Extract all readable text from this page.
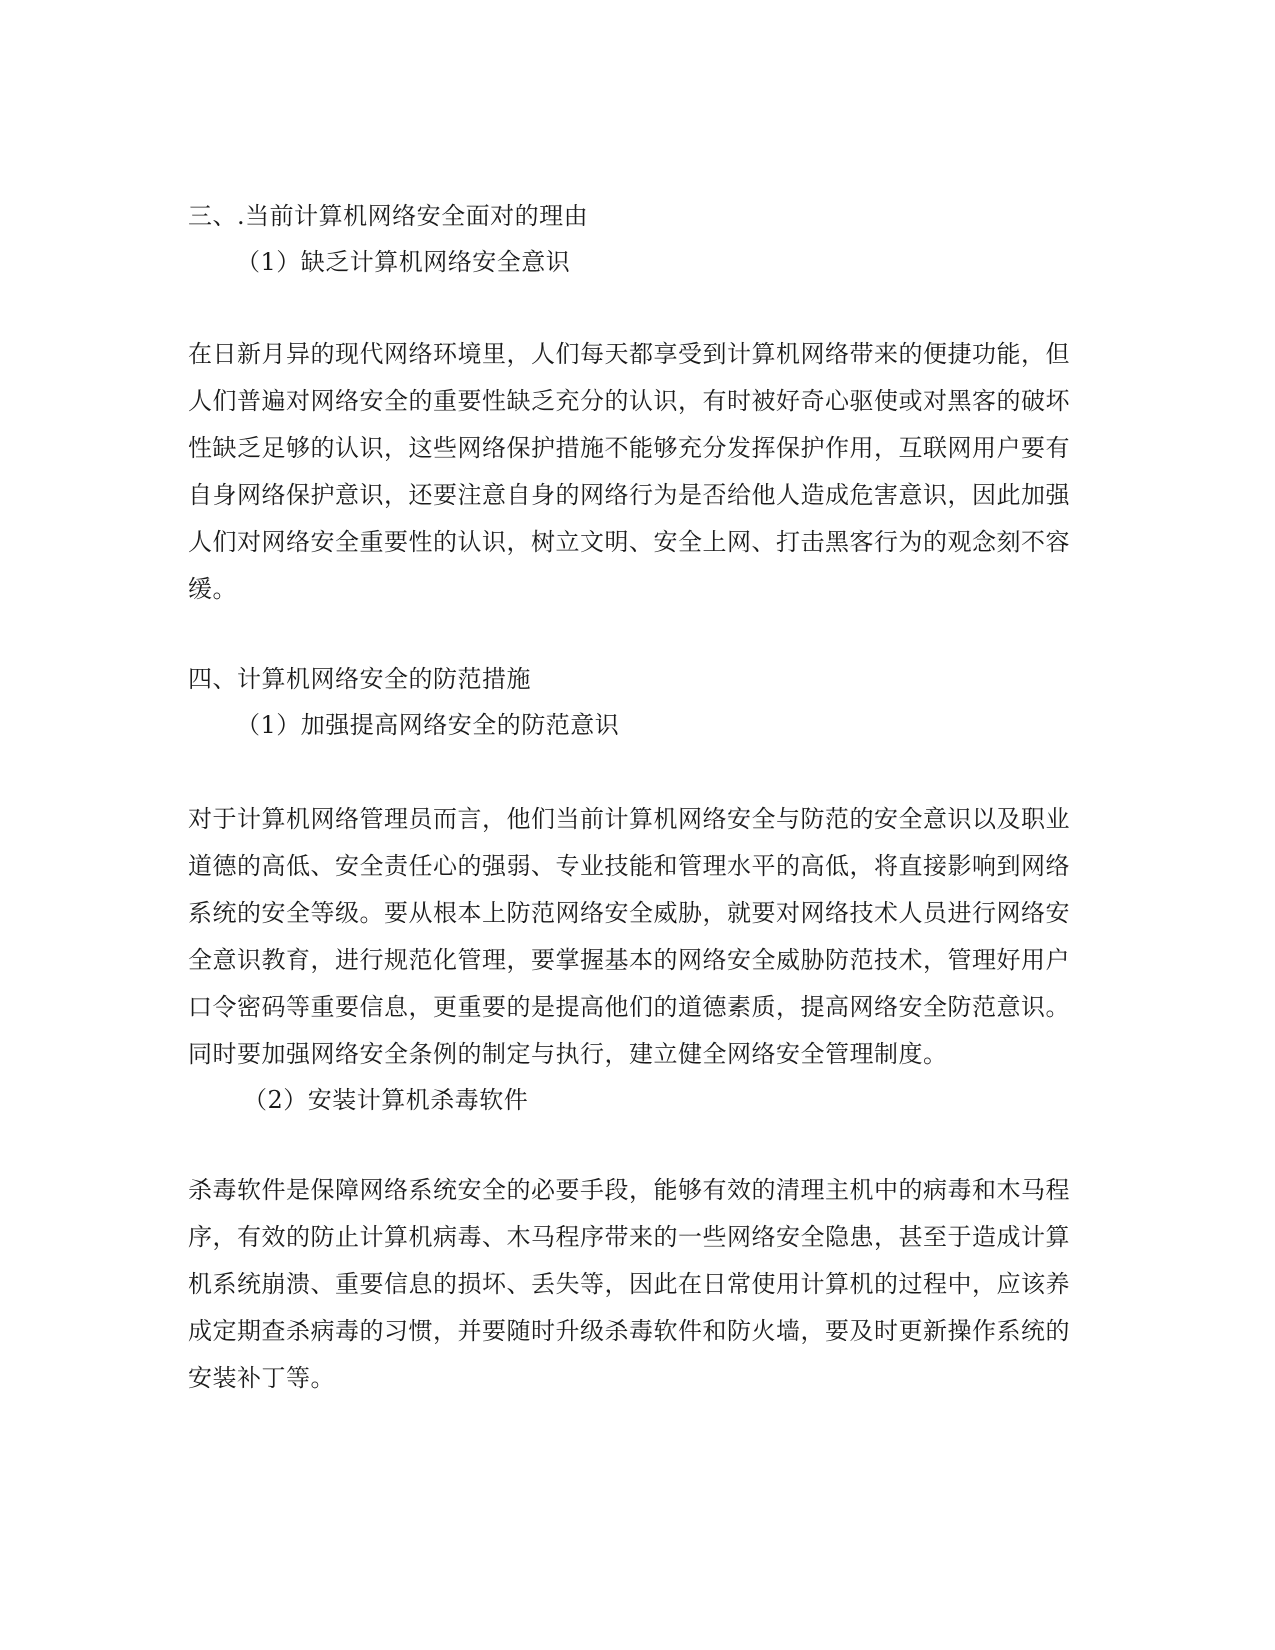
三、.当前计算机网络安全面对的理由
（1）缺乏计算机网络安全意识
在日新月异的现代网络环境里，人们每天都享受到计算机网络带来的便捷功能，但
人们普遍对网络安全的重要性缺乏充分的认识，有时被好奇心驱使或对黑客的破坏
性缺乏足够的认识，这些网络保护措施不能够充分发挥保护作用，互联网用户要有
自身网络保护意识，还要注意自身的网络行为是否给他人造成危害意识，因此加强
人们对网络安全重要性的认识，树立文明、安全上网、打击黑客行为的观念刻不容
缓。
四、计算机网络安全的防范措施
（1）加强提高网络安全的防范意识
对于计算机网络管理员而言，他们当前计算机网络安全与防范的安全意识以及职业
道德的高低、安全责任心的强弱、专业技能和管理水平的高低，将直接影响到网络
系统的安全等级。要从根本上防范网络安全威胁，就要对网络技术人员进行网络安
全意识教育，进行规范化管理，要掌握基本的网络安全威胁防范技术，管理好用户
口令密码等重要信息，更重要的是提高他们的道德素质，提高网络安全防范意识。
同时要加强网络安全条例的制定与执行，建立健全网络安全管理制度。
（2）安装计算机杀毒软件
杀毒软件是保障网络系统安全的必要手段，能够有效的清理主机中的病毒和木马程
序，有效的防止计算机病毒、木马程序带来的一些网络安全隐患，甚至于造成计算
机系统崩溃、重要信息的损坏、丢失等，因此在日常使用计算机的过程中，应该养
成定期查杀病毒的习惯，并要随时升级杀毒软件和防火墙，要及时更新操作系统的
安装补丁等。
